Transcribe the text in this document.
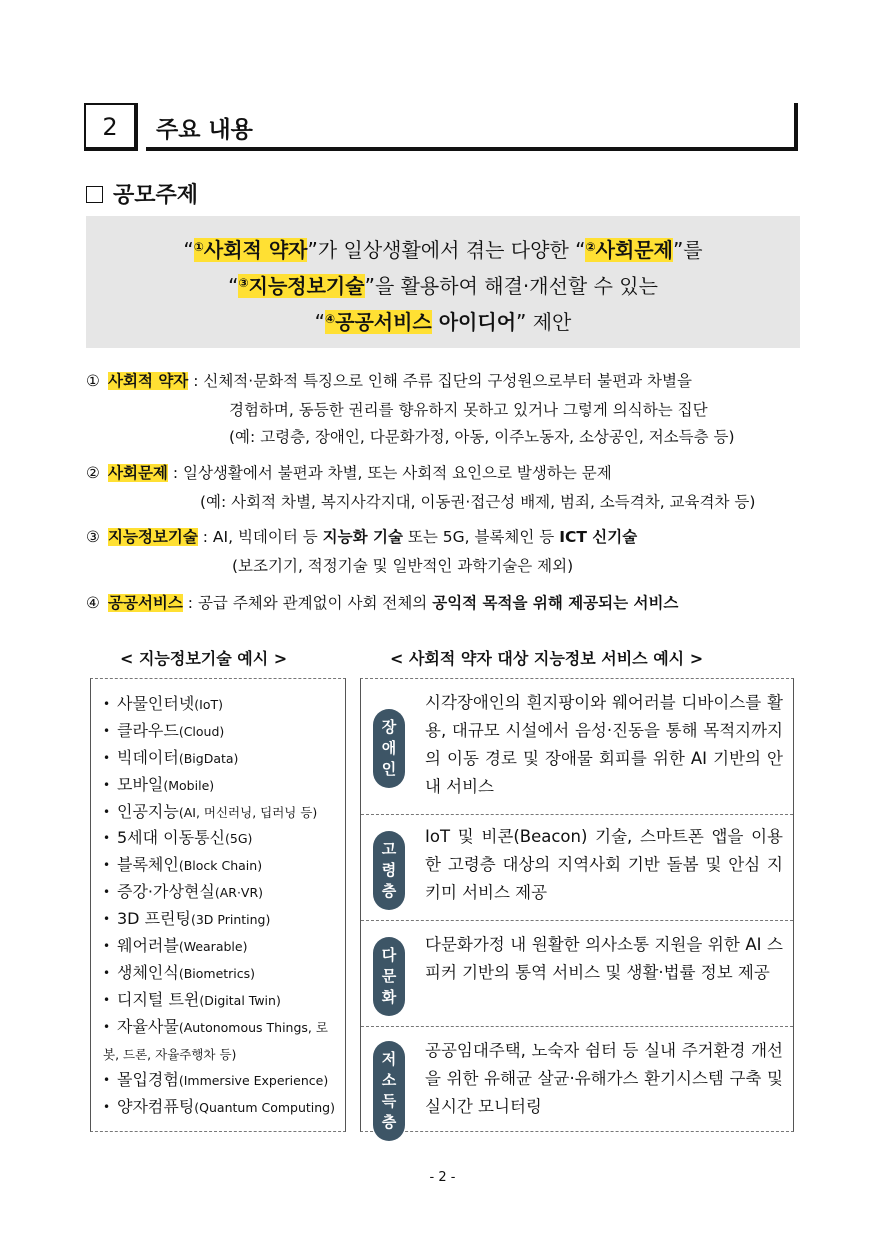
2	주요 내용
공모주제
“①사회적 약자”가 일상생활에서 겪는 다양한 “②사회문제”를
“③지능정보기술”을 활용하여 해결·개선할 수 있는
“④공공서비스 아이디어” 제안
① 사회적 약자 : 신체적·문화적 특징으로 인해 주류 집단의 구성원으로부터 불편과 차별을
경험하며, 동등한 권리를 향유하지 못하고 있거나 그렇게 의식하는 집단
(예: 고령층, 장애인, 다문화가정, 아동, 이주노동자, 소상공인, 저소득층 등)
② 사회문제 : 일상생활에서 불편과 차별, 또는 사회적 요인으로 발생하는 문제
(예: 사회적 차별, 복지사각지대, 이동권·접근성 배제, 범죄, 소득격차, 교육격차 등)
③ 지능정보기술 : AI, 빅데이터 등 지능화 기술 또는 5G, 블록체인 등 ICT 신기술
(보조기기, 적정기술 및 일반적인 과학기술은 제외)
④ 공공서비스 : 공급 주체와 관계없이 사회 전체의 공익적 목적을 위해 제공되는 서비스
< 지능정보기술 예시 >	< 사회적 약자 대상 지능정보 서비스 예시 >
• 사물인터넷(IoT)
• 클라우드(Cloud)
• 빅데이터(BigData)
• 모바일(Mobile)
• 인공지능(AI, 머신러닝, 딥러닝 등)
• 5세대 이동통신(5G)
• 블록체인(Block Chain)
• 증강·가상현실(AR·VR)
• 3D 프린팅(3D Printing)
• 웨어러블(Wearable)
• 생체인식(Biometrics)
• 디지털 트윈(Digital Twin)
• 자율사물(Autonomous Things, 로봇, 드론, 자율주행차 등)
• 몰입경험(Immersive Experience)
• 양자컴퓨팅(Quantum Computing)
장애인
시각장애인의 흰지팡이와 웨어러블 디바이스를 활용, 대규모 시설에서 음성·진동을 통해 목적지까지의 이동 경로 및 장애물 회피를 위한 AI 기반의 안내 서비스
고령층
IoT 및 비콘(Beacon) 기술, 스마트폰 앱을 이용한 고령층 대상의 지역사회 기반 돌봄 및 안심 지키미 서비스 제공
다문화
다문화가정 내 원활한 의사소통 지원을 위한 AI 스피커 기반의 통역 서비스 및 생활·법률 정보 제공
저소득층
공공임대주택, 노숙자 쉼터 등 실내 주거환경 개선을 위한 유해균 살균·유해가스 환기시스템 구축 및 실시간 모니터링
- 2 -
